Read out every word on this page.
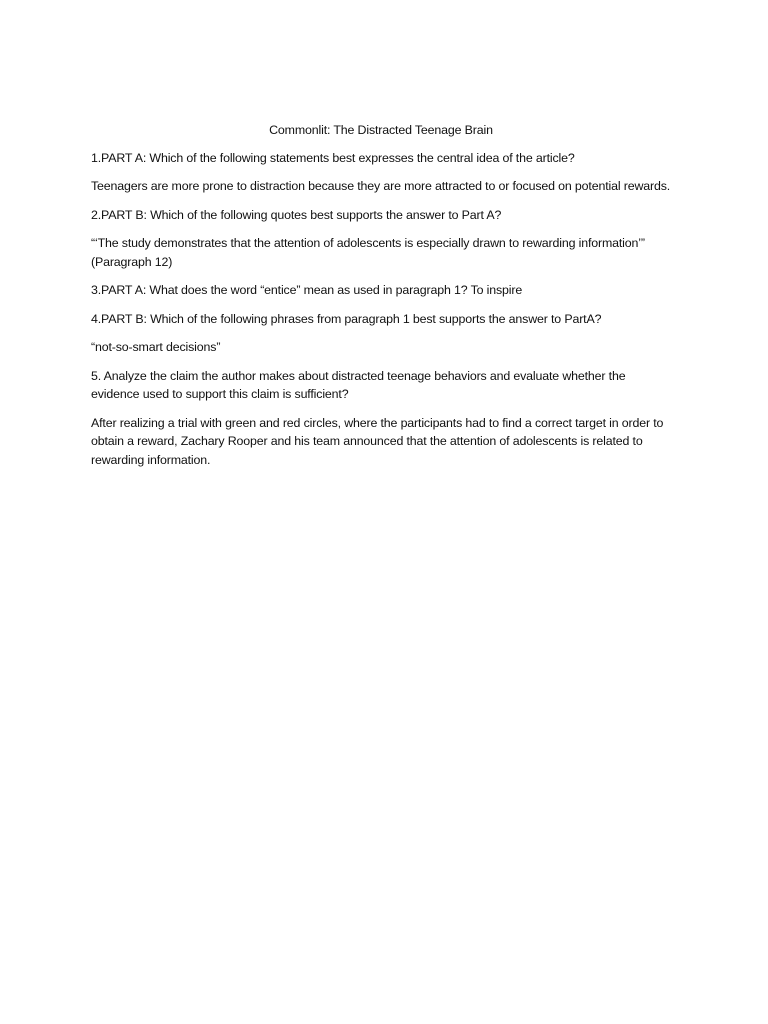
Commonlit: The Distracted Teenage Brain

1.PART A: Which of the following statements best expresses the central idea of the article?

Teenagers are more prone to distraction because they are more attracted to or focused on potential rewards.

2.PART B: Which of the following quotes best supports the answer to Part A?

“‘The study demonstrates that the attention of adolescents is especially drawn to rewarding information’” (Paragraph 12)

3.PART A: What does the word “entice” mean as used in paragraph 1? To inspire

4.PART B: Which of the following phrases from paragraph 1 best supports the answer to PartA?

“not-so-smart decisions”

5. Analyze the claim the author makes about distracted teenage behaviors and evaluate whether the evidence used to support this claim is sufficient?

After realizing a trial with green and red circles, where the participants had to find a correct target in order to obtain a reward, Zachary Rooper and his team announced that the attention of adolescents is related to rewarding information.
